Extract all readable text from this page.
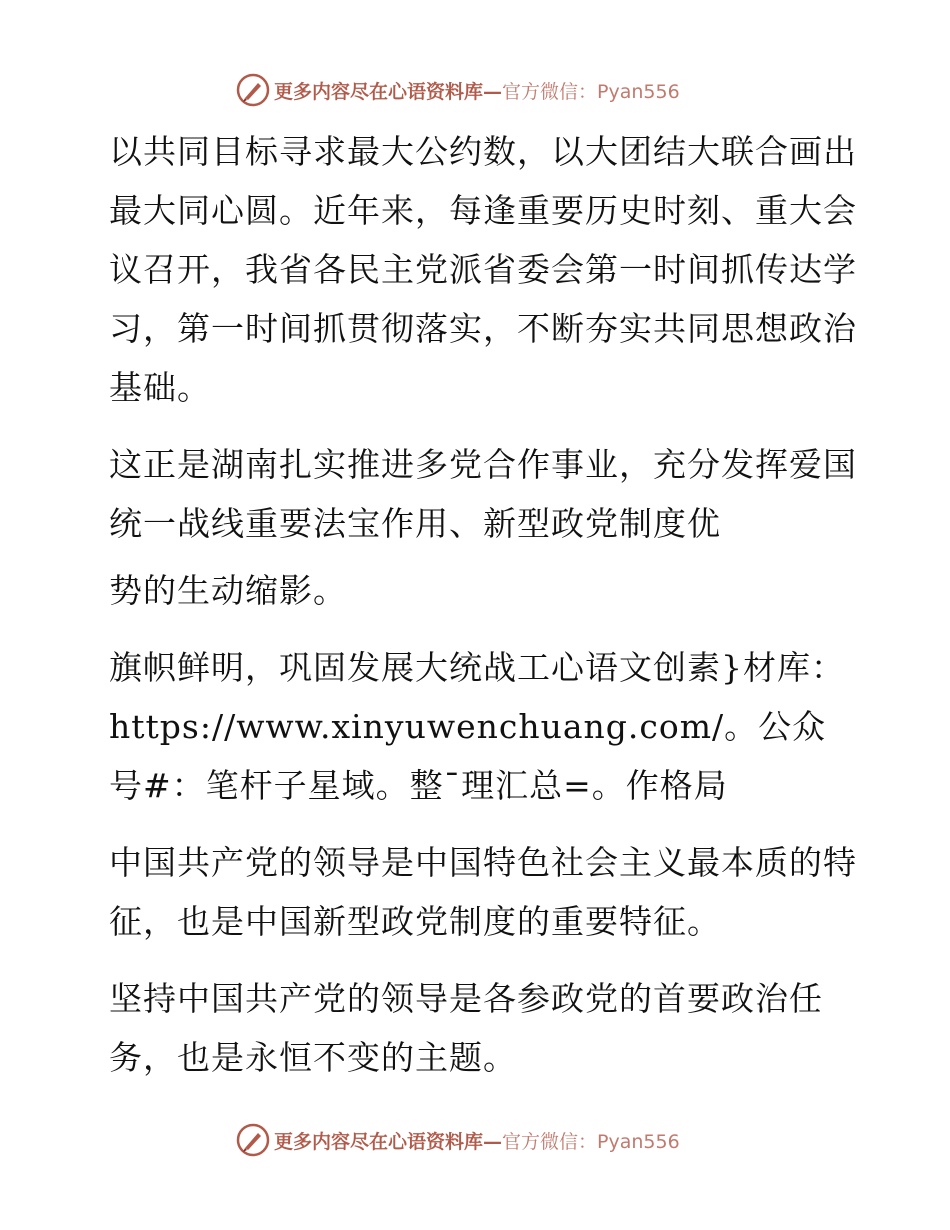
更多内容尽在心语资料库— 官方微信：Pyan556

以共同目标寻求最大公约数，以大团结大联合画出最大同心圆。近年来，每逢重要历史时刻、重大会议召开，我省各民主党派省委会第一时间抓传达学习，第一时间抓贯彻落实，不断夯实共同思想政治基础。

这正是湖南扎实推进多党合作事业，充分发挥爱国统一战线重要法宝作用、新型政党制度优

势的生动缩影。

旗帜鲜明，巩固发展大统战工心语文创素}材库：https://www.xinyuwenchuang.com/。公众号#：笔杆子星域。整¯理汇总=。作格局

中国共产党的领导是中国特色社会主义最本质的特征，也是中国新型政党制度的重要特征。

坚持中国共产党的领导是各参政党的首要政治任务，也是永恒不变的主题。

更多内容尽在心语资料库— 官方微信：Pyan556
